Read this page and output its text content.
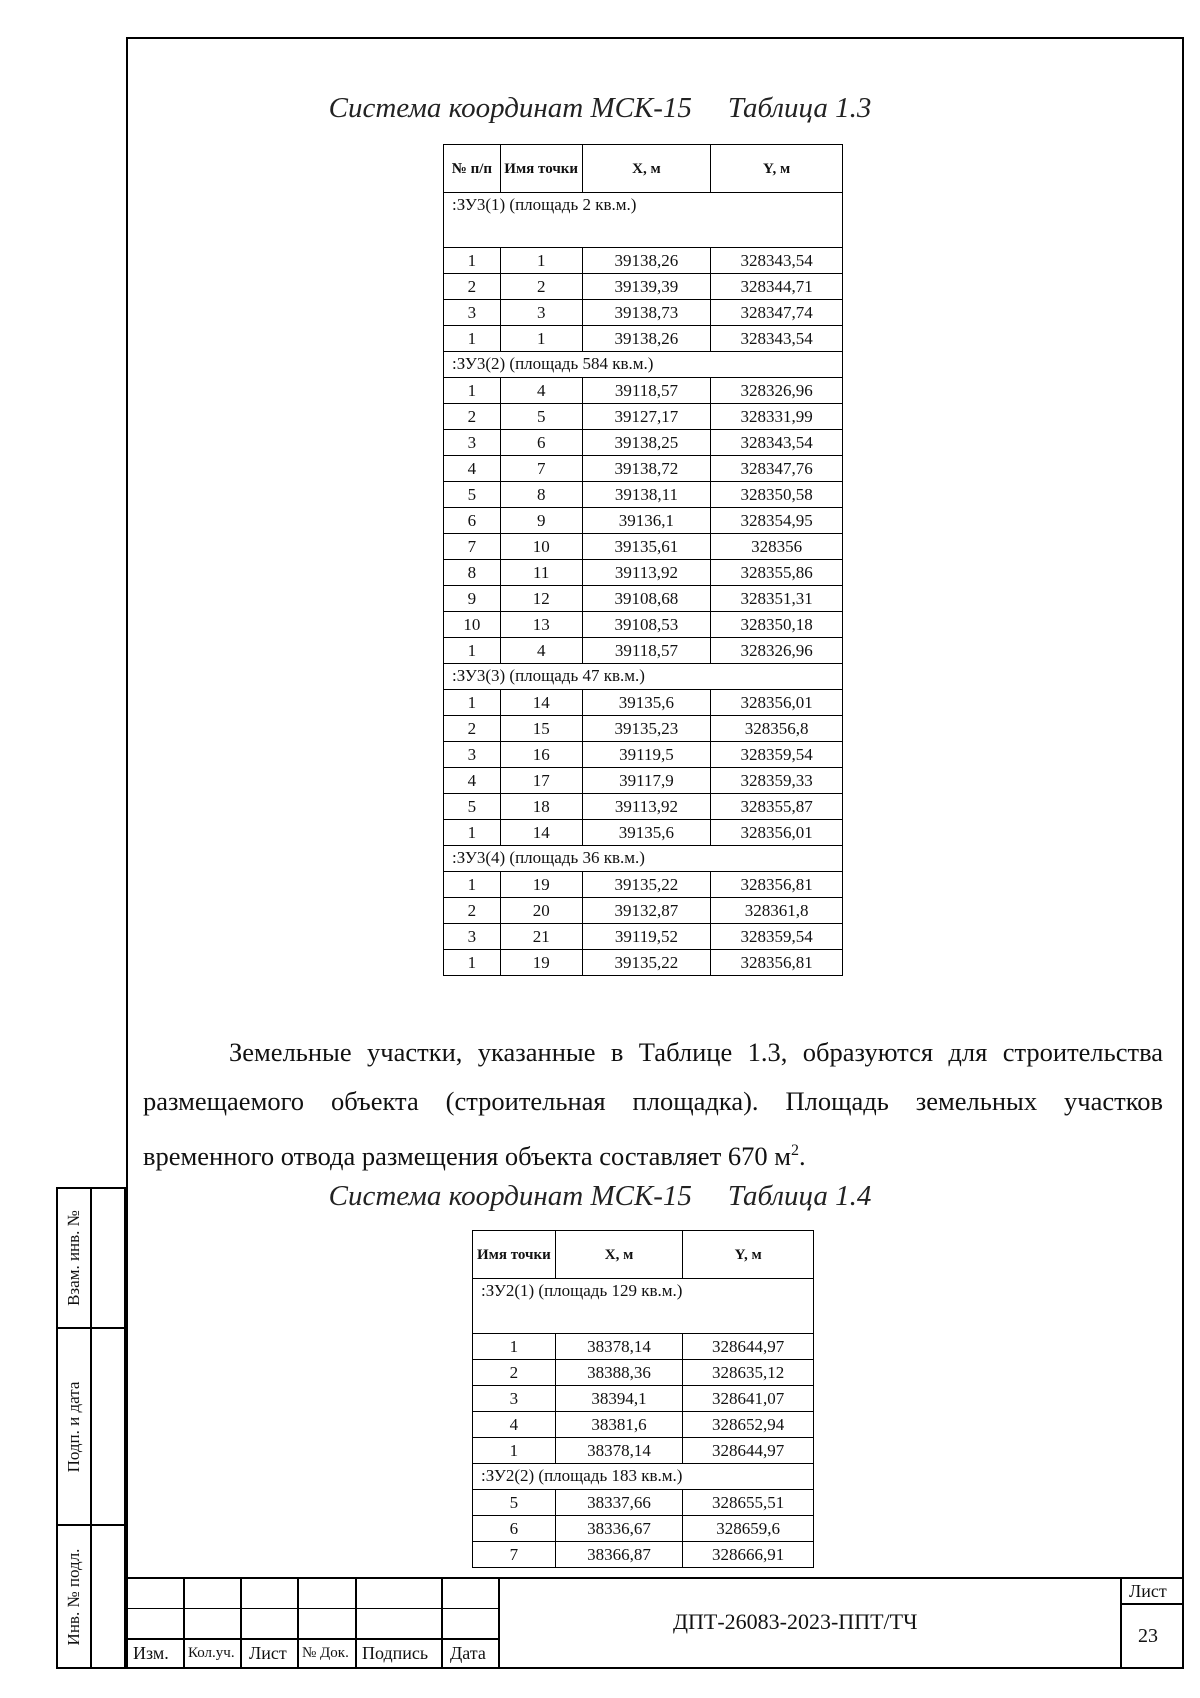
Система координат МСК-15 Таблица 1.3
№ п/п	Имя точки	X, м	Y, м
:ЗУ3(1) (площадь 2 кв.м.)			
1	1	39138,26	328343,54
2	2	39139,39	328344,71
3	3	39138,73	328347,74
1	1	39138,26	328343,54
:ЗУ3(2) (площадь 584 кв.м.)			
1	4	39118,57	328326,96
2	5	39127,17	328331,99
3	6	39138,25	328343,54
4	7	39138,72	328347,76
5	8	39138,11	328350,58
6	9	39136,1	328354,95
7	10	39135,61	328356
8	11	39113,92	328355,86
9	12	39108,68	328351,31
10	13	39108,53	328350,18
1	4	39118,57	328326,96
:ЗУ3(3) (площадь 47 кв.м.)			
1	14	39135,6	328356,01
2	15	39135,23	328356,8
3	16	39119,5	328359,54
4	17	39117,9	328359,33
5	18	39113,92	328355,87
1	14	39135,6	328356,01
:ЗУ3(4) (площадь 36 кв.м.)			
1	19	39135,22	328356,81
2	20	39132,87	328361,8
3	21	39119,52	328359,54
1	19	39135,22	328356,81
Земельные участки, указанные в Таблице 1.3, образуются для строительства размещаемого объекта (строительная площадка). Площадь земельных участков временного отвода размещения объекта составляет 670 $м^2$.
Система координат МСК-15 Таблица 1.4
Имя точки	X, м	Y, м
:ЗУ2(1) (площадь 129 кв.м.)		
1	38378,14	328644,97
2	38388,36	328635,12
3	38394,1	328641,07
4	38381,6	328652,94
1	38378,14	328644,97
:ЗУ2(2) (площадь 183 кв.м.)		
5	38337,66	328655,51
6	38336,67	328659,6
7	38366,87	328666,91
Взам. инв. №
Подп. и дата
Инв. № подл.
Изм. Кол.уч. Лист № Док. Подпись Дата
ДПТ-26083-2023-ППТ/ТЧ
Лист
23
